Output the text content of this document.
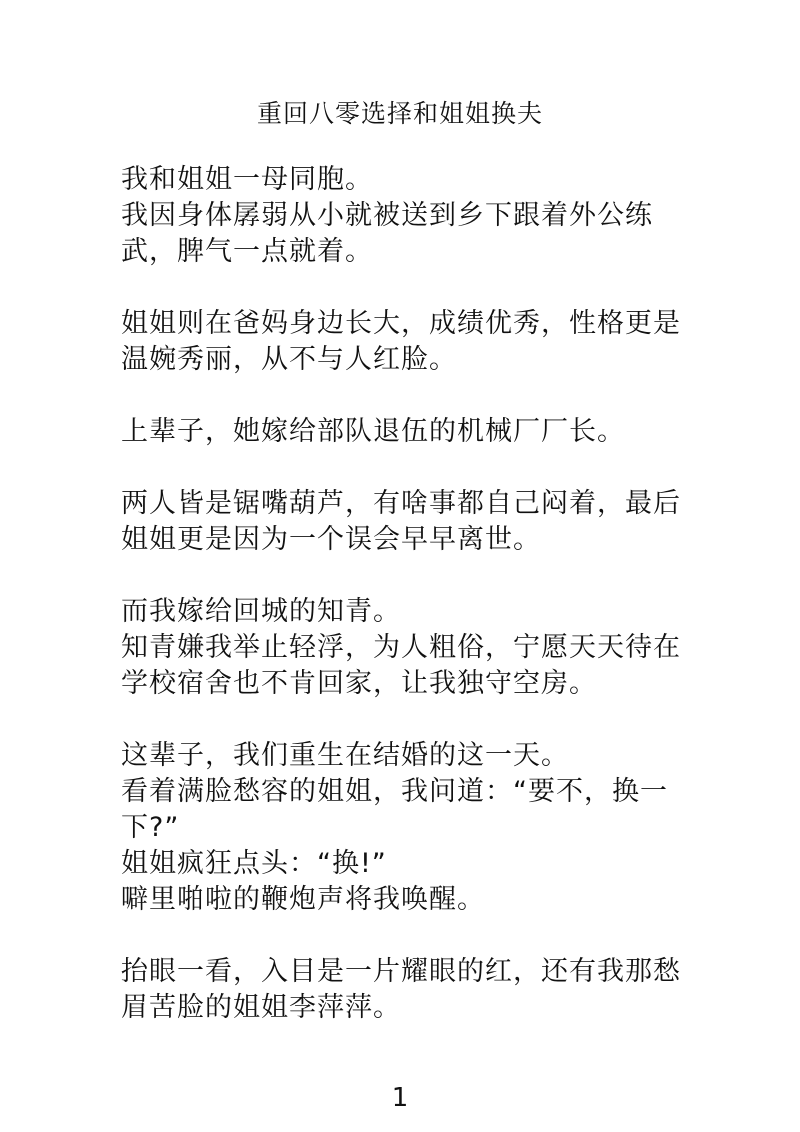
重回八零选择和姐姐换夫
我和姐姐一母同胞。
我因身体孱弱从小就被送到乡下跟着外公练武，脾气一点就着。
姐姐则在爸妈身边长大，成绩优秀，性格更是温婉秀丽，从不与人红脸。
上辈子，她嫁给部队退伍的机械厂厂长。
两人皆是锯嘴葫芦，有啥事都自己闷着，最后姐姐更是因为一个误会早早离世。
而我嫁给回城的知青。
知青嫌我举止轻浮，为人粗俗，宁愿天天待在学校宿舍也不肯回家，让我独守空房。
这辈子，我们重生在结婚的这一天。
看着满脸愁容的姐姐，我问道：“要不，换一下?”
姐姐疯狂点头：“换!”
噼里啪啦的鞭炮声将我唤醒。
抬眼一看，入目是一片耀眼的红，还有我那愁眉苦脸的姐姐李萍萍。
1
